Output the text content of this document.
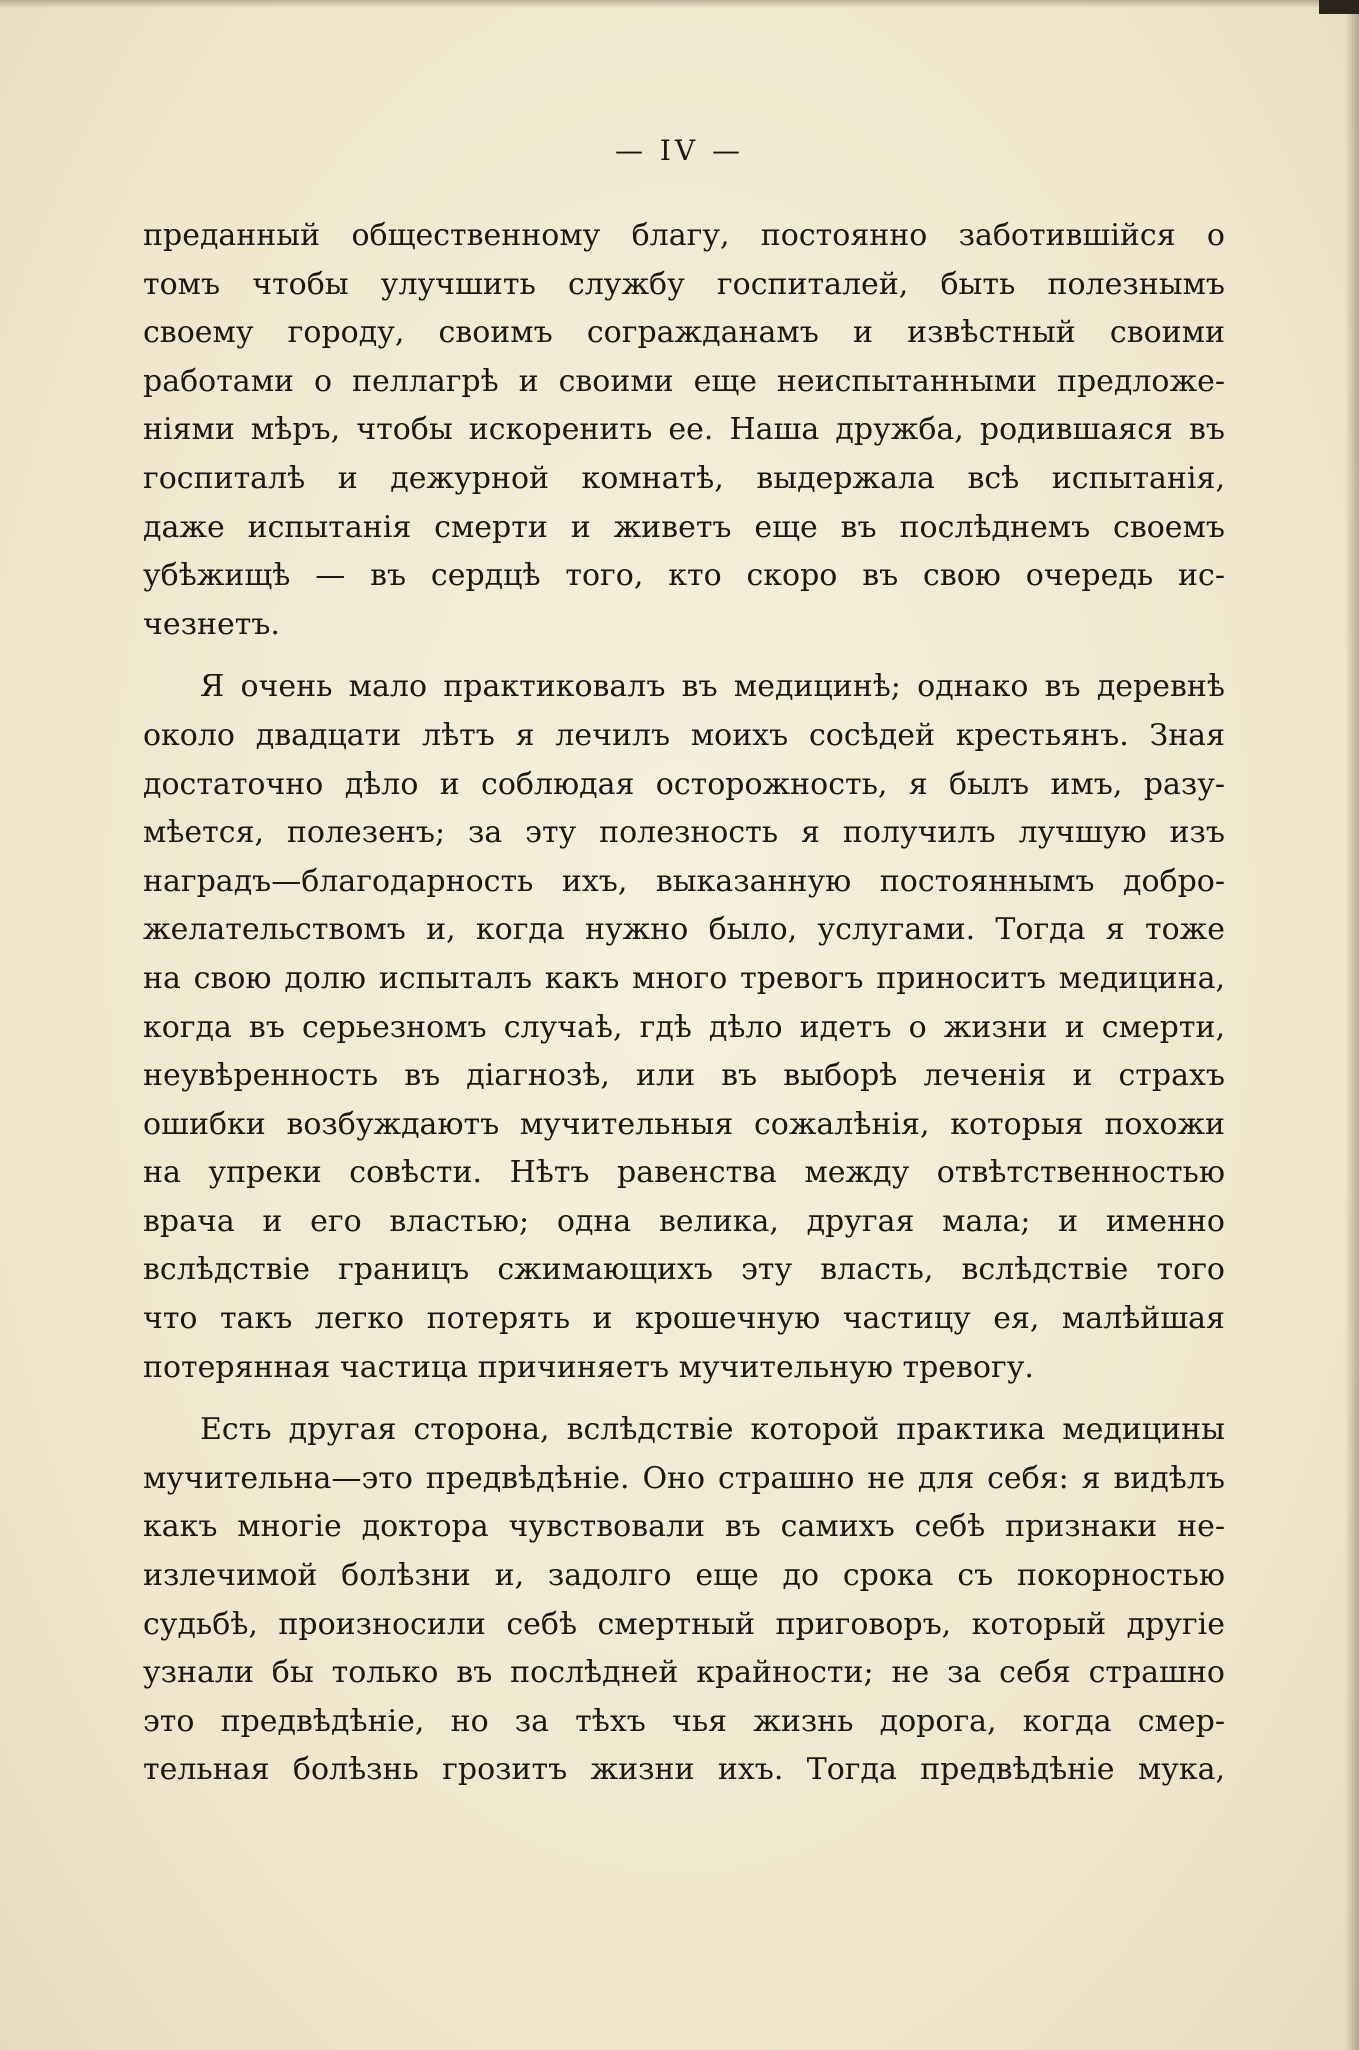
— IV —
преданный общественному благу, постоянно заботившiйся о
томъ чтобы улучшить службу госпиталей, быть полезнымъ
своему городу, своимъ согражданамъ и извѣстный своими
работами о пеллагрѣ и своими еще неиспытанными предложе-
нiями мѣръ, чтобы искоренить ее. Наша дружба, родившаяся въ
госпиталѣ и дежурной комнатѣ, выдержала всѣ испытанiя,
даже испытанiя смерти и живетъ еще въ послѣднемъ своемъ
убѣжищѣ — въ сердцѣ того, кто скоро въ свою очередь ис-
чезнетъ.
Я очень мало практиковалъ въ медицинѣ; однако въ деревнѣ
около двадцати лѣтъ я лечилъ моихъ сосѣдей крестьянъ. Зная
достаточно дѣло и соблюдая осторожность, я былъ имъ, разу-
мѣется, полезенъ; за эту полезность я получилъ лучшую изъ
наградъ—благодарность ихъ, выказанную постояннымъ добро-
желательствомъ и, когда нужно было, услугами. Тогда я тоже
на свою долю испыталъ какъ много тревогъ приноситъ медицина,
когда въ серьезномъ случаѣ, гдѣ дѣло идетъ о жизни и смерти,
неувѣренность въ дiагнозѣ, или въ выборѣ леченiя и страхъ
ошибки возбуждаютъ мучительныя сожалѣнiя, которыя похожи
на упреки совѣсти. Нѣтъ равенства между отвѣтственностью
врача и его властью; одна велика, другая мала; и именно
вслѣдствiе границъ сжимающихъ эту власть, вслѣдствiе того
что такъ легко потерять и крошечную частицу ея, малѣйшая
потерянная частица причиняетъ мучительную тревогу.
Есть другая сторона, вслѣдствiе которой практика медицины
мучительна—это предвѣдѣнiе. Оно страшно не для себя: я видѣлъ
какъ многiе доктора чувствовали въ самихъ себѣ признаки не-
излечимой болѣзни и, задолго еще до срока съ покорностью
судьбѣ, произносили себѣ смертный приговоръ, который другiе
узнали бы только въ послѣдней крайности; не за себя страшно
это предвѣдѣнiе, но за тѣхъ чья жизнь дорога, когда смер-
тельная болѣзнь грозитъ жизни ихъ. Тогда предвѣдѣнiе мука,
